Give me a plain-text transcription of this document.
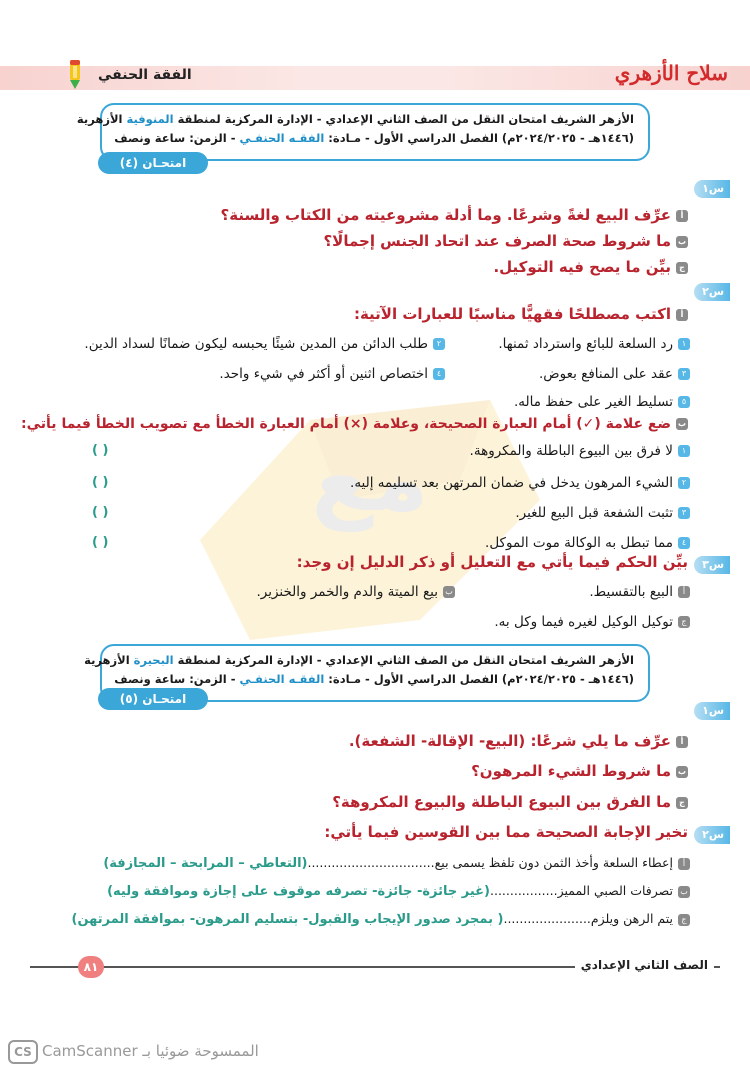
سلاح الأزهري
الفقة الحنفي
مع
الأزهر الشريف امتحان النقل من الصف الثاني الإعدادي - الإدارة المركزية لمنطقة المنوفية الأزهرية
(١٤٤٦هـ - ٢٠٢٤/٢٠٢٥م) الفصل الدراسي الأول - مـادة: الفقـه الحنفـي - الزمن: ساعة ونصف
امتحـان (٤)
س١
أعرِّف البيع لغةً وشرعًا. وما أدلة مشروعيته من الكتاب والسنة؟
بما شروط صحة الصرف عند اتحاد الجنس إجمالًا؟
جبيِّن ما يصح فيه التوكيل.
س٢
أاكتب مصطلحًا فقهيًّا مناسبًا للعبارات الآتية:
١رد السلعة للبائع واسترداد ثمنها.
٢طلب الدائن من المدين شيئًا يحبسه ليكون ضمانًا لسداد الدين.
٣عقد على المنافع بعوض.
٤اختصاص اثنين أو أكثر في شيء واحد.
٥تسليط الغير على حفظ ماله.
بضع علامة (✓) أمام العبارة الصحيحة، وعلامة (×) أمام العبارة الخطأ مع تصويب الخطأ فيما يأتي:
١لا فرق بين البيوع الباطلة والمكروهة.
( )
٢الشيء المرهون يدخل في ضمان المرتهن بعد تسليمه إليه.
( )
٣تثبت الشفعة قبل البيع للغير.
( )
٤مما تبطل به الوكالة موت الموكل.
( )
س٣
بيِّن الحكم فيما يأتي مع التعليل أو ذكر الدليل إن وجد:
أالبيع بالتقسيط.
ببيع الميتة والدم والخمر والخنزير.
جتوكيل الوكيل لغيره فيما وكل به.
الأزهر الشريف امتحان النقل من الصف الثاني الإعدادي - الإدارة المركزية لمنطقة البحيرة الأزهرية
(١٤٤٦هـ - ٢٠٢٤/٢٠٢٥م) الفصل الدراسي الأول - مـادة: الفقـه الحنفـي - الزمن: ساعة ونصف
امتحـان (٥)
س١
أعرِّف ما يلي شرعًا: (البيع- الإقالة- الشفعة).
بما شروط الشيء المرهون؟
جما الفرق بين البيوع الباطلة والبيوع المكروهة؟
س٢
تخير الإجابة الصحيحة مما بين القوسين فيما يأتي:
أإعطاء السلعة وأخذ الثمن دون تلفظ يسمى بيع................................(التعاطي – المرابحة – المجازفة)
بتصرفات الصبي المميز.................(غير جائزة- جائزة- تصرفه موقوف على إجازة وموافقة وليه)
جيتم الرهن ويلزم......................( بمجرد صدور الإيجاب والقبول- بتسليم المرهون- بموافقة المرتهن)
الصف الثاني الإعدادي
٨١
CS الممسوحة ضوئيا بـ CamScanner
